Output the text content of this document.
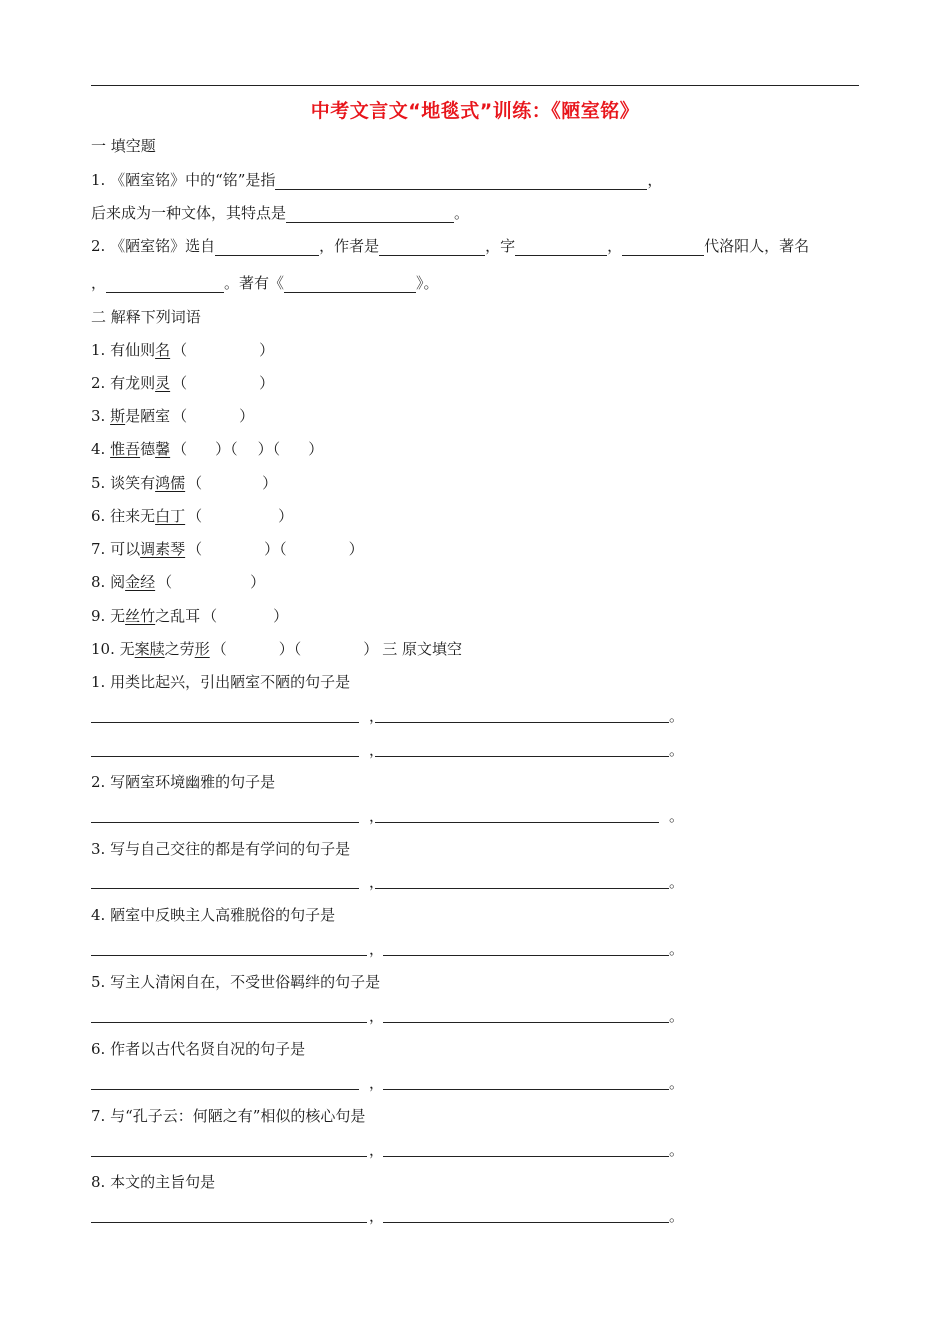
中考文言文“地毯式”训练：《陋室铭》
一 填空题
1. 《陋室铭》中的“铭”是指	，
后来成为一种文体，其特点是	。
2. 《陋室铭》选自	，作者是	，字	，	代洛阳人，著名
，	。著有《	》。
二 解释下列词语
1. 有仙则名 （	）
2. 有龙则灵 （	）
3. 斯是陋室 （	）
4. 惟吾德馨 （ ）（ ）（ ）
5. 谈笑有鸿儒 （	）
6. 往来无白丁 （	）
7. 可以调素琴 （	）（	）
8. 阅金经 （	）
9. 无丝竹之乱耳 （	）
10. 无案牍之劳形 （	）（	） 三 原文填空
1. 用类比起兴，引出陋室不陋的句子是
，	。
，	。
2. 写陋室环境幽雅的句子是
，	。
3. 写与自己交往的都是有学问的句子是
，	。
4. 陋室中反映主人高雅脱俗的句子是
，	。
5. 写主人清闲自在，不受世俗羁绊的句子是
，	。
6. 作者以古代名贤自况的句子是
，	。
7. 与“孔子云：何陋之有”相似的核心句是
，	。
8. 本文的主旨句是
，	。
